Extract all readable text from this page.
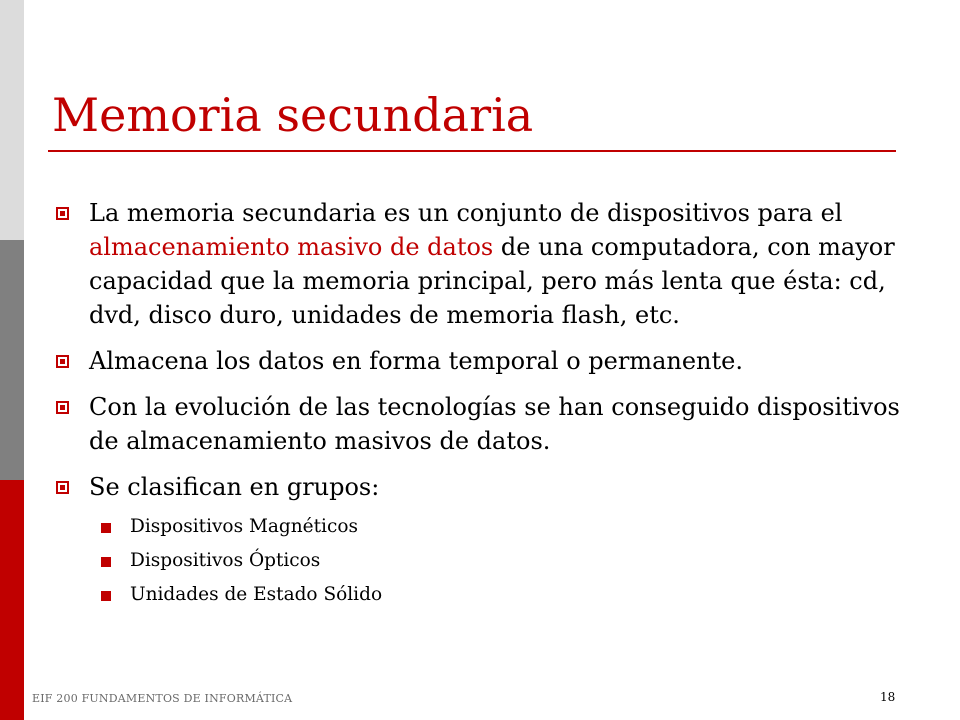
Memoria secundaria
La memoria secundaria es un conjunto de dispositivos para el almacenamiento masivo de datos de una computadora, con mayor capacidad que la memoria principal, pero más lenta que ésta: cd, dvd, disco duro, unidades de memoria flash, etc.
Almacena los datos en forma temporal o permanente.
Con la evolución de las tecnologías se han conseguido dispositivos de almacenamiento masivos de datos.
Se clasifican en grupos:
Dispositivos Magnéticos
Dispositivos Ópticos
Unidades de Estado Sólido
EIF 200 FUNDAMENTOS DE INFORMÁTICA	18
